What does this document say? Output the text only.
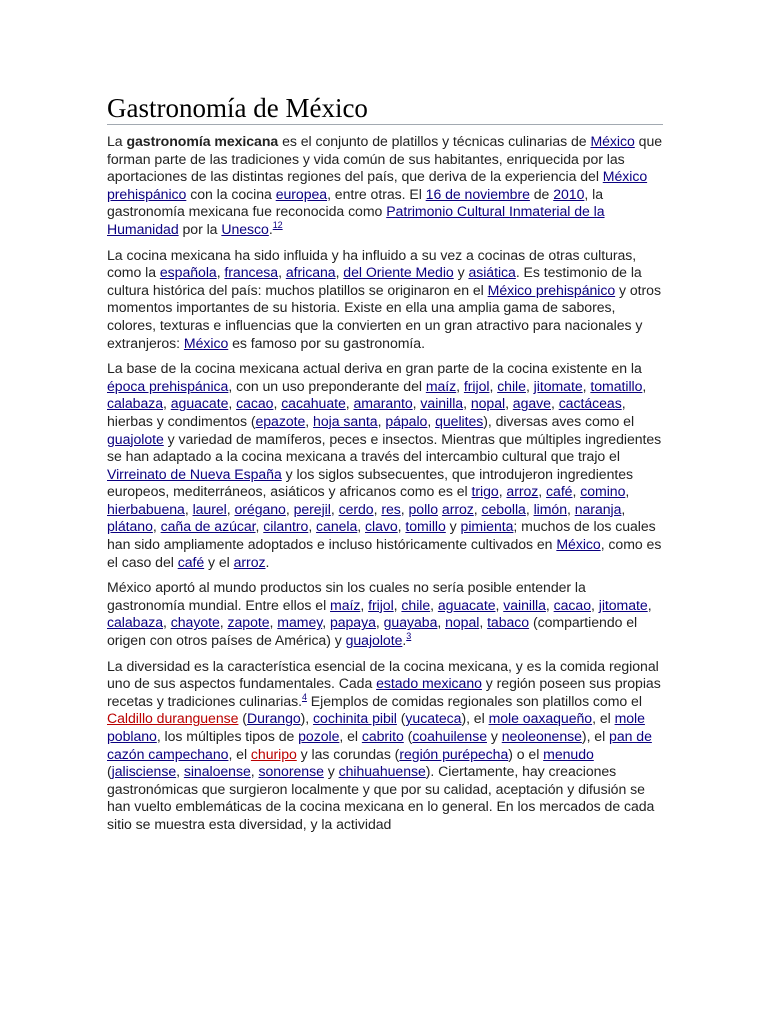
Gastronomía de México

La gastronomía mexicana es el conjunto de platillos y técnicas culinarias de México que forman parte de las tradiciones y vida común de sus habitantes, enriquecida por las aportaciones de las distintas regiones del país, que deriva de la experiencia del México prehispánico con la cocina europea, entre otras. El 16 de noviembre de 2010, la gastronomía mexicana fue reconocida como Patrimonio Cultural Inmaterial de la Humanidad por la Unesco.$^{12}$

La cocina mexicana ha sido influida y ha influido a su vez a cocinas de otras culturas, como la española, francesa, africana, del Oriente Medio y asiática. Es testimonio de la cultura histórica del país: muchos platillos se originaron en el México prehispánico y otros momentos importantes de su historia. Existe en ella una amplia gama de sabores, colores, texturas e influencias que la convierten en un gran atractivo para nacionales y extranjeros: México es famoso por su gastronomía.

La base de la cocina mexicana actual deriva en gran parte de la cocina existente en la época prehispánica, con un uso preponderante del maíz, frijol, chile, jitomate, tomatillo, calabaza, aguacate, cacao, cacahuate, amaranto, vainilla, nopal, agave, cactáceas, hierbas y condimentos (epazote, hoja santa, pápalo, quelites), diversas aves como el guajolote y variedad de mamíferos, peces e insectos. Mientras que múltiples ingredientes se han adaptado a la cocina mexicana a través del intercambio cultural que trajo el Virreinato de Nueva España y los siglos subsecuentes, que introdujeron ingredientes europeos, mediterráneos, asiáticos y africanos como es el trigo, arroz, café, comino, hierbabuena, laurel, orégano, perejil, cerdo, res, pollo arroz, cebolla, limón, naranja, plátano, caña de azúcar, cilantro, canela, clavo, tomillo y pimienta; muchos de los cuales han sido ampliamente adoptados e incluso históricamente cultivados en México, como es el caso del café y el arroz.

México aportó al mundo productos sin los cuales no sería posible entender la gastronomía mundial. Entre ellos el maíz, frijol, chile, aguacate, vainilla, cacao, jitomate, calabaza, chayote, zapote, mamey, papaya, guayaba, nopal, tabaco (compartiendo el origen con otros países de América) y guajolote.$^3$

La diversidad es la característica esencial de la cocina mexicana, y es la comida regional uno de sus aspectos fundamentales. Cada estado mexicano y región poseen sus propias recetas y tradiciones culinarias.$^4$ Ejemplos de comidas regionales son platillos como el Caldillo duranguense (Durango), cochinita pibil (yucateca), el mole oaxaqueño, el mole poblano, los múltiples tipos de pozole, el cabrito (coahuilense y neoleonense), el pan de cazón campechano, el churipo y las corundas (región purépecha) o el menudo (jalisciense, sinaloense, sonorense y chihuahuense). Ciertamente, hay creaciones gastronómicas que surgieron localmente y que por su calidad, aceptación y difusión se han vuelto emblemáticas de la cocina mexicana en lo general. En los mercados de cada sitio se muestra esta diversidad, y la actividad
